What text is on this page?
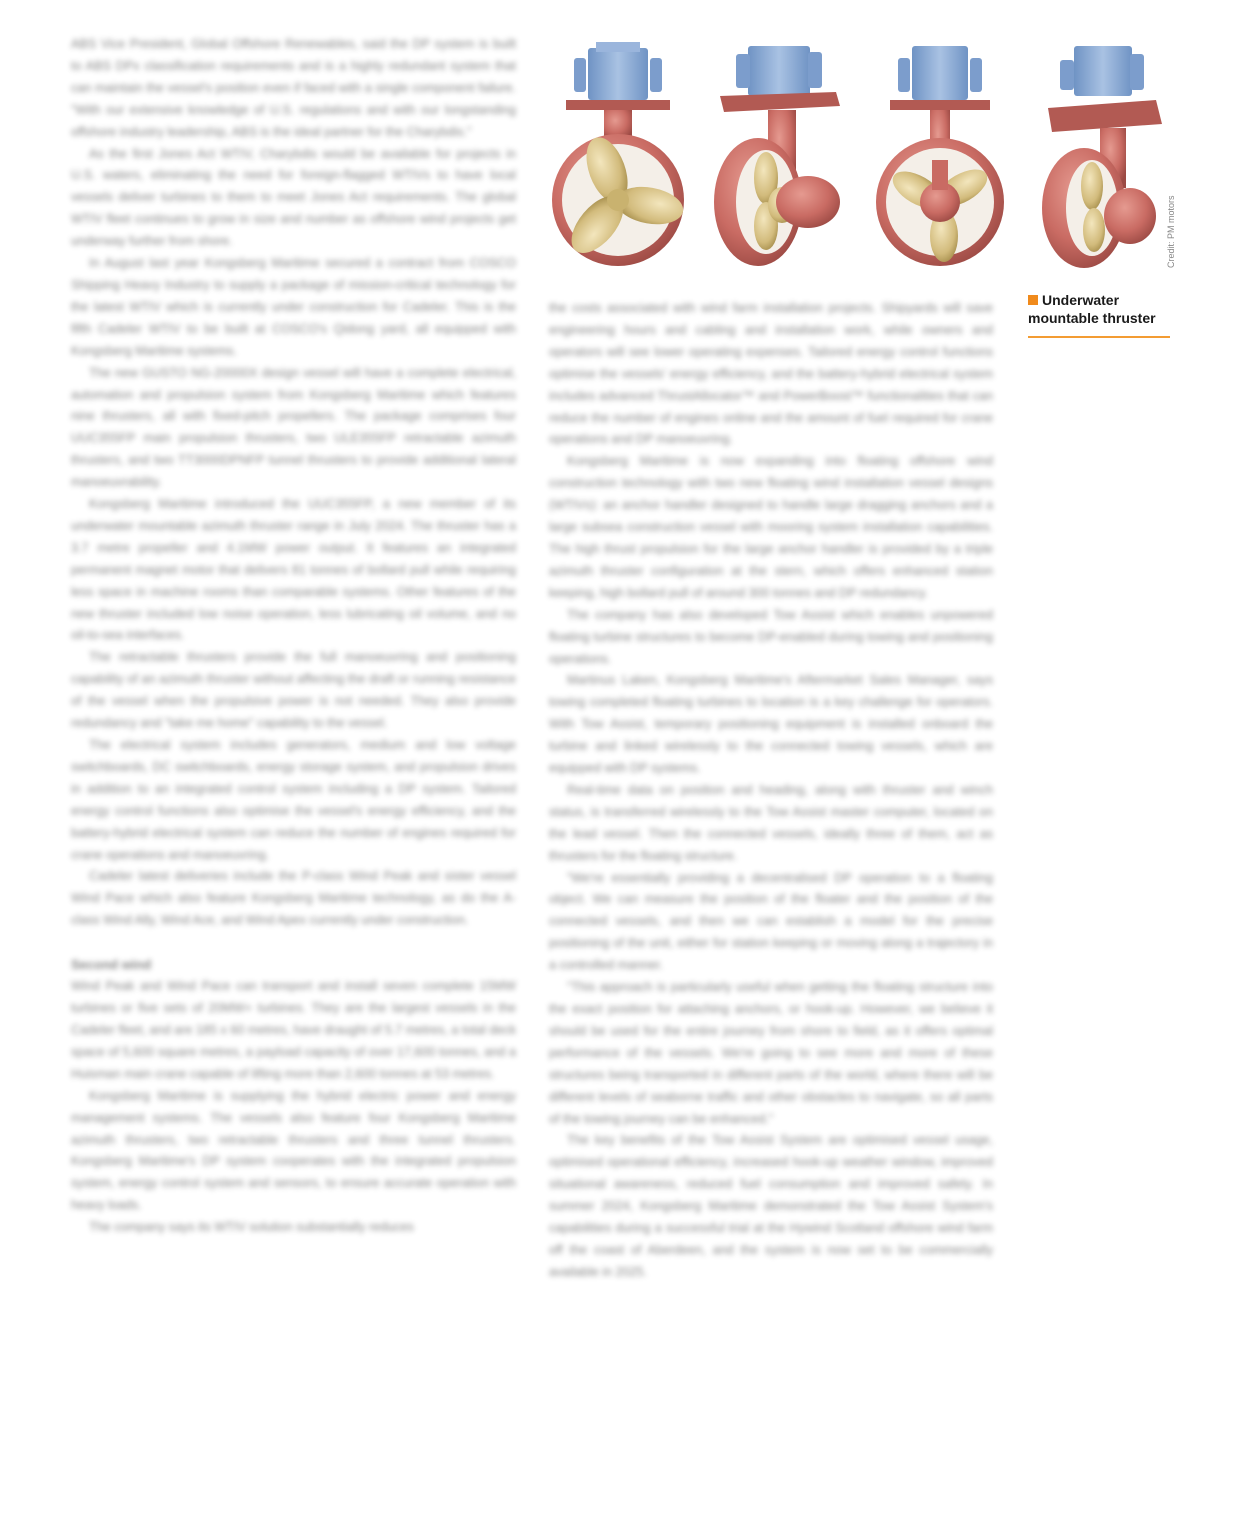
ABS Vice President, Global Offshore Renewables, said the DP system is built to ABS DPx classification requirements and is a highly redundant system that can maintain the vessel's position even if faced with a single component failure. "With our extensive knowledge of U.S. regulations and with our longstanding offshore industry leadership, ABS is the ideal partner for the Charybdis."

As the first Jones Act WTIV, Charybdis would be available for projects in U.S. waters, eliminating the need for foreign-flagged WTIVs to have local vessels deliver turbines to them to meet Jones Act requirements. The global WTIV fleet continues to grow in size and number as offshore wind projects get underway further from shore.

In August last year Kongsberg Maritime secured a contract from COSCO Shipping Heavy Industry to supply a package of mission-critical technology for the latest WTIV which is currently under construction for Cadeler. This is the fifth Cadeler WTIV to be built at COSCO's Qidong yard, all equipped with Kongsberg Maritime systems.

The new GUSTO NG-20000X design vessel will have a complete electrical, automation and propulsion system from Kongsberg Maritime which features nine thrusters, all with fixed-pitch propellers. The package comprises four UUC355FP main propulsion thrusters, two ULE355FP retractable azimuth thrusters, and two TT3000DPNFP tunnel thrusters to provide additional lateral manoeuvrability.

Kongsberg Maritime introduced the UUC355FP, a new member of its underwater mountable azimuth thruster range in July 2024. The thruster has a 3.7 metre propeller and 4.1MW power output. It features an integrated permanent magnet motor that delivers 81 tonnes of bollard pull while requiring less space in machine rooms than comparable systems. Other features of the new thruster included low noise operation, less lubricating oil volume, and no oil-to-sea interfaces.

The retractable thrusters provide the full manoeuvring and positioning capability of an azimuth thruster without affecting the draft or running resistance of the vessel when the propulsive power is not needed. They also provide redundancy and "take me home" capability to the vessel.

The electrical system includes generators, medium and low voltage switchboards, DC switchboards, energy storage system, and propulsion drives in addition to an integrated control system including a DP system. Tailored energy control functions also optimise the vessel's energy efficiency, and the battery-hybrid electrical system can reduce the number of engines required for crane operations and manoeuvring.

Cadeler latest deliveries include the P-class Wind Peak and sister vessel Wind Pace which also feature Kongsberg Maritime technology, as do the A-class Wind Ally, Wind Ace, and Wind Apex currently under construction.

Second wind

Wind Peak and Wind Pace can transport and install seven complete 15MW turbines or five sets of 20MW+ turbines. They are the largest vessels in the Cadeler fleet, and are 185 x 60 metres, have draught of 5.7 metres, a total deck space of 5,600 square metres, a payload capacity of over 17,600 tonnes, and a Huisman main crane capable of lifting more than 2,600 tonnes at 53 metres.

Kongsberg Maritime is supplying the hybrid electric power and energy management systems. The vessels also feature four Kongsberg Maritime azimuth thrusters, two retractable thrusters and three tunnel thrusters. Kongsberg Maritime's DP system cooperates with the integrated propulsion system, energy control system and sensors, to ensure accurate operation with heavy loads.

The company says its WTIV solution substantially reduces

Credit: PM motors
Underwater mountable thruster

the costs associated with wind farm installation projects. Shipyards will save engineering hours and cabling and installation work, while owners and operators will see lower operating expenses. Tailored energy control functions optimise the vessels' energy efficiency, and the battery-hybrid electrical system includes advanced ThrustAllocator™ and PowerBoost™ functionalities that can reduce the number of engines online and the amount of fuel required for crane operations and DP manoeuvring.

Kongsberg Maritime is now expanding into floating offshore wind construction technology with two new floating wind installation vessel designs (WTIVs): an anchor handler designed to handle large dragging anchors and a large subsea construction vessel with mooring system installation capabilities. The high thrust propulsion for the large anchor handler is provided by a triple azimuth thruster configuration at the stern, which offers enhanced station keeping, high bollard pull of around 300 tonnes and DP redundancy.

The company has also developed Tow Assist which enables unpowered floating turbine structures to become DP-enabled during towing and positioning operations.

Martinus Laken, Kongsberg Maritime's Aftermarket Sales Manager, says towing completed floating turbines to location is a key challenge for operators. With Tow Assist, temporary positioning equipment is installed onboard the turbine and linked wirelessly to the connected towing vessels, which are equipped with DP systems.

Real-time data on position and heading, along with thruster and winch status, is transferred wirelessly to the Tow Assist master computer, located on the lead vessel. Then the connected vessels, ideally three of them, act as thrusters for the floating structure.

"We're essentially providing a decentralised DP operation to a floating object. We can measure the position of the floater and the position of the connected vessels, and then we can establish a model for the precise positioning of the unit, either for station keeping or moving along a trajectory in a controlled manner.

"This approach is particularly useful when getting the floating structure into the exact position for attaching anchors, or hook-up. However, we believe it should be used for the entire journey from shore to field, as it offers optimal performance of the vessels. We're going to see more and more of these structures being transported in different parts of the world, where there will be different levels of seaborne traffic and other obstacles to navigate, so all parts of the towing journey can be enhanced."

The key benefits of the Tow Assist System are optimised vessel usage, optimised operational efficiency, increased hook-up weather window, improved situational awareness, reduced fuel consumption and improved safety. In summer 2024, Kongsberg Maritime demonstrated the Tow Assist System's capabilities during a successful trial at the Hywind Scotland offshore wind farm off the coast of Aberdeen, and the system is now set to be commercially available in 2025.
